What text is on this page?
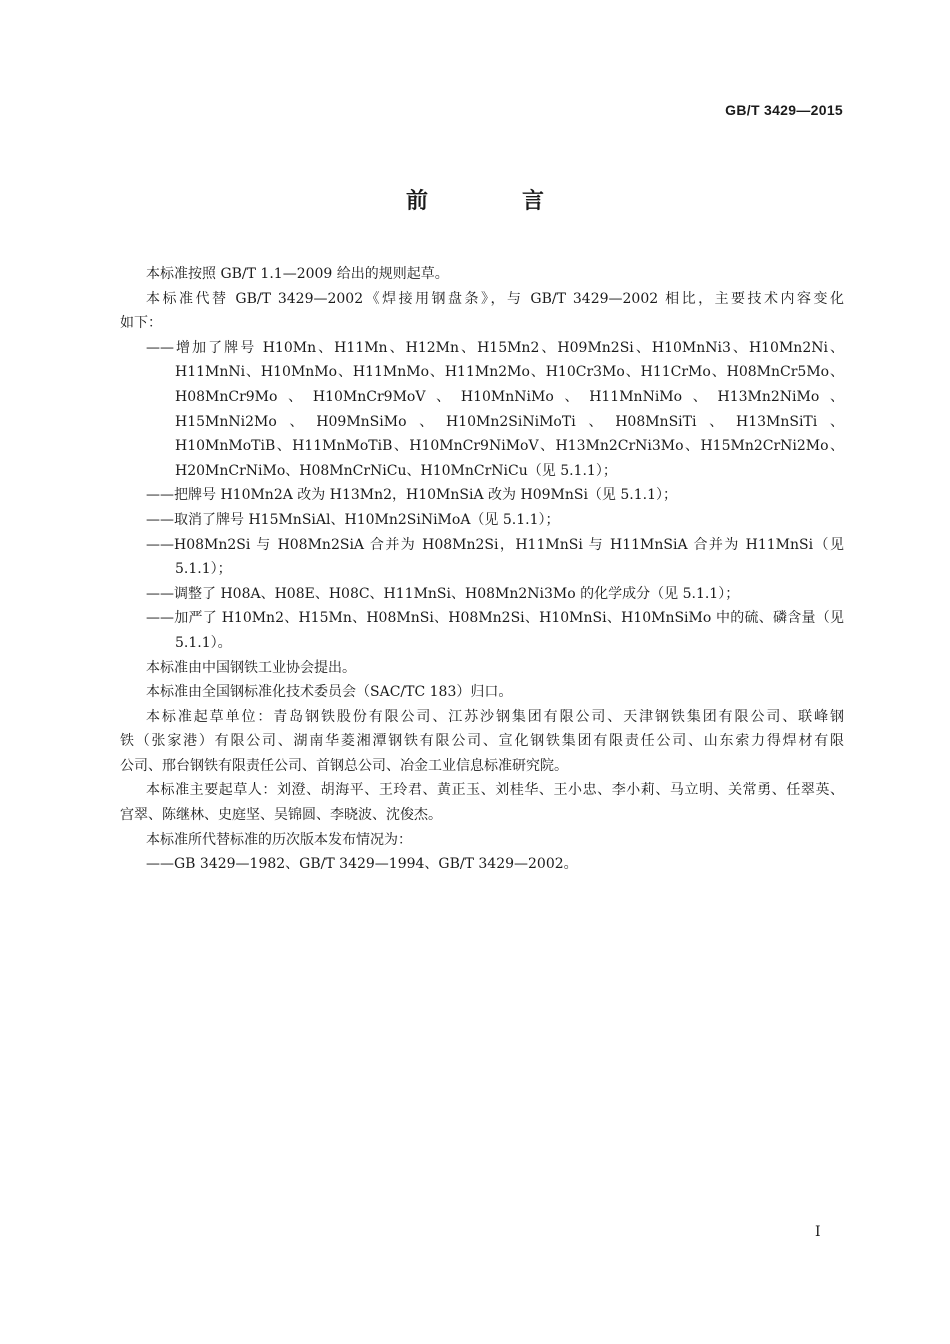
GB/T 3429—2015
前　言
本标准按照 GB/T 1.1—2009 给出的规则起草。
本标准代替 GB/T 3429—2002《焊接用钢盘条》，与 GB/T 3429—2002 相比，主要技术内容变化
如下：
——增加了牌号 H10Mn、H11Mn、H12Mn、H15Mn2、H09Mn2Si、H10MnNi3、H10Mn2Ni、
H11MnNi、H10MnMo、H11MnMo、H11Mn2Mo、H10Cr3Mo、H11CrMo、H08MnCr5Mo、
H08MnCr9Mo、H10MnCr9MoV、H10MnNiMo、H11MnNiMo、H13Mn2NiMo、
H15MnNi2Mo、H09MnSiMo、H10Mn2SiNiMoTi、H08MnSiTi、H13MnSiTi、
H10MnMoTiB、H11MnMoTiB、H10MnCr9NiMoV、H13Mn2CrNi3Mo、H15Mn2CrNi2Mo、
H20MnCrNiMo、H08MnCrNiCu、H10MnCrNiCu（见 5.1.1）；
——把牌号 H10Mn2A 改为 H13Mn2，H10MnSiA 改为 H09MnSi（见 5.1.1）；
——取消了牌号 H15MnSiAl、H10Mn2SiNiMoA（见 5.1.1）；
——H08Mn2Si 与 H08Mn2SiA 合并为 H08Mn2Si，H11MnSi 与 H11MnSiA 合并为 H11MnSi（见
5.1.1）；
——调整了 H08A、H08E、H08C、H11MnSi、H08Mn2Ni3Mo 的化学成分（见 5.1.1）；
——加严了 H10Mn2、H15Mn、H08MnSi、H08Mn2Si、H10MnSi、H10MnSiMo 中的硫、磷含量（见
5.1.1）。
本标准由中国钢铁工业协会提出。
本标准由全国钢标准化技术委员会（SAC/TC 183）归口。
本标准起草单位：青岛钢铁股份有限公司、江苏沙钢集团有限公司、天津钢铁集团有限公司、联峰钢
铁（张家港）有限公司、湖南华菱湘潭钢铁有限公司、宣化钢铁集团有限责任公司、山东索力得焊材有限
公司、邢台钢铁有限责任公司、首钢总公司、冶金工业信息标准研究院。
本标准主要起草人：刘澄、胡海平、王玲君、黄正玉、刘桂华、王小忠、李小莉、马立明、关常勇、任翠英、
宫翠、陈继林、史庭坚、吴锦圆、李晓波、沈俊杰。
本标准所代替标准的历次版本发布情况为：
——GB 3429—1982、GB/T 3429—1994、GB/T 3429—2002。
I
